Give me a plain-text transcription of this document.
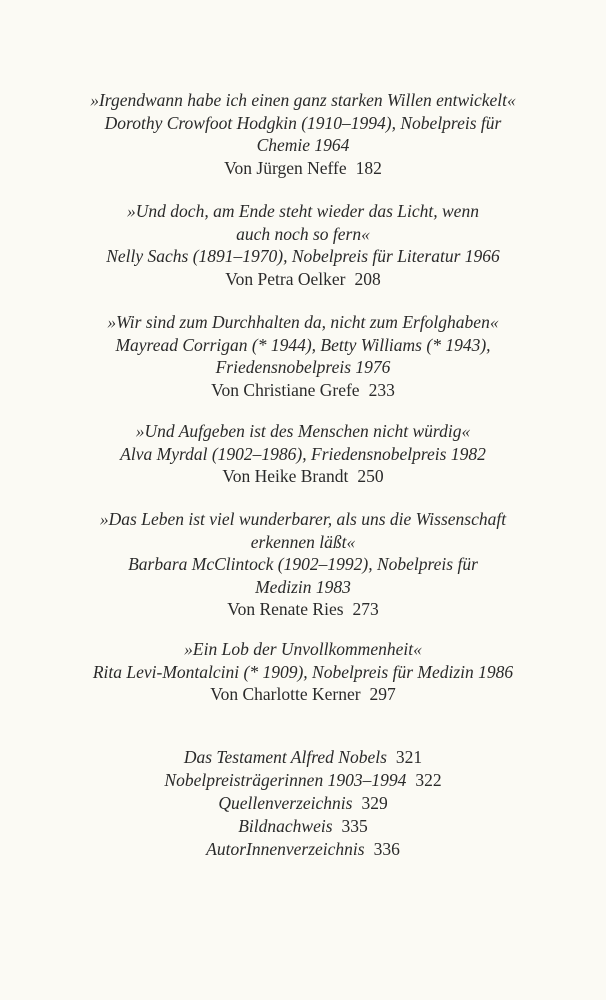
»Irgendwann habe ich einen ganz starken Willen entwickelt«
Dorothy Crowfoot Hodgkin (1910–1994), Nobelpreis für
Chemie 1964
Von Jürgen Neffe 182
»Und doch, am Ende steht wieder das Licht, wenn
auch noch so fern«
Nelly Sachs (1891–1970), Nobelpreis für Literatur 1966
Von Petra Oelker 208
»Wir sind zum Durchhalten da, nicht zum Erfolghaben«
Mayread Corrigan (* 1944), Betty Williams (* 1943),
Friedensnobelpreis 1976
Von Christiane Grefe 233
»Und Aufgeben ist des Menschen nicht würdig«
Alva Myrdal (1902–1986), Friedensnobelpreis 1982
Von Heike Brandt 250
»Das Leben ist viel wunderbarer, als uns die Wissenschaft
erkennen läßt«
Barbara McClintock (1902–1992), Nobelpreis für
Medizin 1983
Von Renate Ries 273
»Ein Lob der Unvollkommenheit«
Rita Levi-Montalcini (* 1909), Nobelpreis für Medizin 1986
Von Charlotte Kerner 297
Das Testament Alfred Nobels 321
Nobelpreisträgerinnen 1903–1994 322
Quellenverzeichnis 329
Bildnachweis 335
AutorInnenverzeichnis 336
